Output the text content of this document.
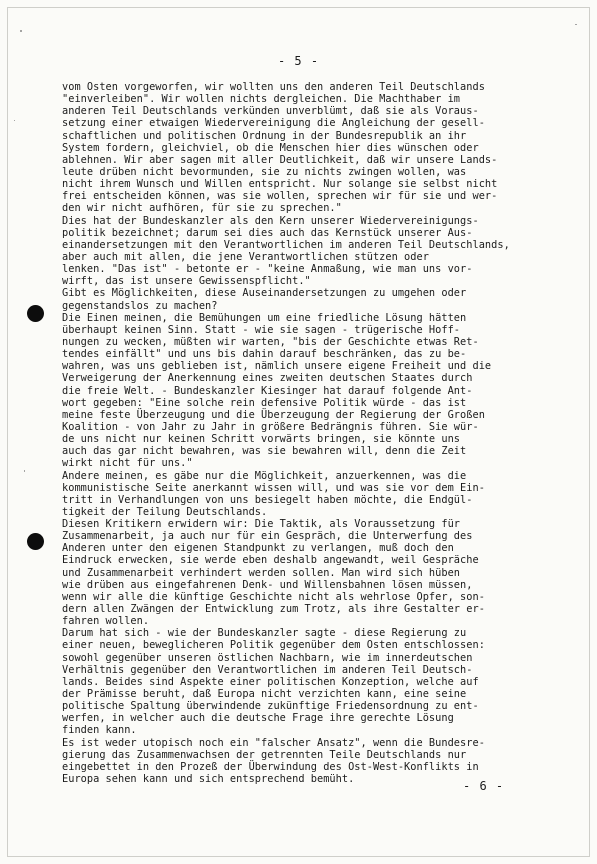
- 5 -
vom Osten vorgeworfen, wir wollten uns den anderen Teil Deutschlands
"einverleiben". Wir wollen nichts dergleichen. Die Machthaber im
anderen Teil Deutschlands verkünden unverblümt, daß sie als Voraus-
setzung einer etwaigen Wiedervereinigung die Angleichung der gesell-
schaftlichen und politischen Ordnung in der Bundesrepublik an ihr
System fordern, gleichviel, ob die Menschen hier dies wünschen oder
ablehnen. Wir aber sagen mit aller Deutlichkeit, daß wir unsere Lands-
leute drüben nicht bevormunden, sie zu nichts zwingen wollen, was
nicht ihrem Wunsch und Willen entspricht. Nur solange sie selbst nicht
frei entscheiden können, was sie wollen, sprechen wir für sie und wer-
den wir nicht aufhören, für sie zu sprechen."
Dies hat der Bundeskanzler als den Kern unserer Wiedervereinigungs-
politik bezeichnet; darum sei dies auch das Kernstück unserer Aus-
einandersetzungen mit den Verantwortlichen im anderen Teil Deutschlands,
aber auch mit allen, die jene Verantwortlichen stützen oder
lenken. "Das ist" - betonte er - "keine Anmaßung, wie man uns vor-
wirft, das ist unsere Gewissenspflicht."
Gibt es Möglichkeiten, diese Auseinandersetzungen zu umgehen oder
gegenstandslos zu machen?
Die Einen meinen, die Bemühungen um eine friedliche Lösung hätten
überhaupt keinen Sinn. Statt - wie sie sagen - trügerische Hoff-
nungen zu wecken, müßten wir warten, "bis der Geschichte etwas Ret-
tendes einfällt" und uns bis dahin darauf beschränken, das zu be-
wahren, was uns geblieben ist, nämlich unsere eigene Freiheit und die
Verweigerung der Anerkennung eines zweiten deutschen Staates durch
die freie Welt. - Bundeskanzler Kiesinger hat darauf folgende Ant-
wort gegeben: "Eine solche rein defensive Politik würde - das ist
meine feste Überzeugung und die Überzeugung der Regierung der Großen
Koalition - von Jahr zu Jahr in größere Bedrängnis führen. Sie wür-
de uns nicht nur keinen Schritt vorwärts bringen, sie könnte uns
auch das gar nicht bewahren, was sie bewahren will, denn die Zeit
wirkt nicht für uns."
Andere meinen, es gäbe nur die Möglichkeit, anzuerkennen, was die
kommunistische Seite anerkannt wissen will, und was sie vor dem Ein-
tritt in Verhandlungen von uns besiegelt haben möchte, die Endgül-
tigkeit der Teilung Deutschlands.
Diesen Kritikern erwidern wir: Die Taktik, als Voraussetzung für
Zusammenarbeit, ja auch nur für ein Gespräch, die Unterwerfung des
Anderen unter den eigenen Standpunkt zu verlangen, muß doch den
Eindruck erwecken, sie werde eben deshalb angewandt, weil Gespräche
und Zusammenarbeit verhindert werden sollen. Man wird sich hüben
wie drüben aus eingefahrenen Denk- und Willensbahnen lösen müssen,
wenn wir alle die künftige Geschichte nicht als wehrlose Opfer, son-
dern allen Zwängen der Entwicklung zum Trotz, als ihre Gestalter er-
fahren wollen.
Darum hat sich - wie der Bundeskanzler sagte - diese Regierung zu
einer neuen, beweglicheren Politik gegenüber dem Osten entschlossen:
sowohl gegenüber unseren östlichen Nachbarn, wie im innerdeutschen
Verhältnis gegenüber den Verantwortlichen im anderen Teil Deutsch-
lands. Beides sind Aspekte einer politischen Konzeption, welche auf
der Prämisse beruht, daß Europa nicht verzichten kann, eine seine
politische Spaltung überwindende zukünftige Friedensordnung zu ent-
werfen, in welcher auch die deutsche Frage ihre gerechte Lösung
finden kann.
Es ist weder utopisch noch ein "falscher Ansatz", wenn die Bundesre-
gierung das Zusammenwachsen der getrennten Teile Deutschlands nur
eingebettet in den Prozeß der Überwindung des Ost-West-Konflikts in
Europa sehen kann und sich entsprechend bemüht.	- 6 -
